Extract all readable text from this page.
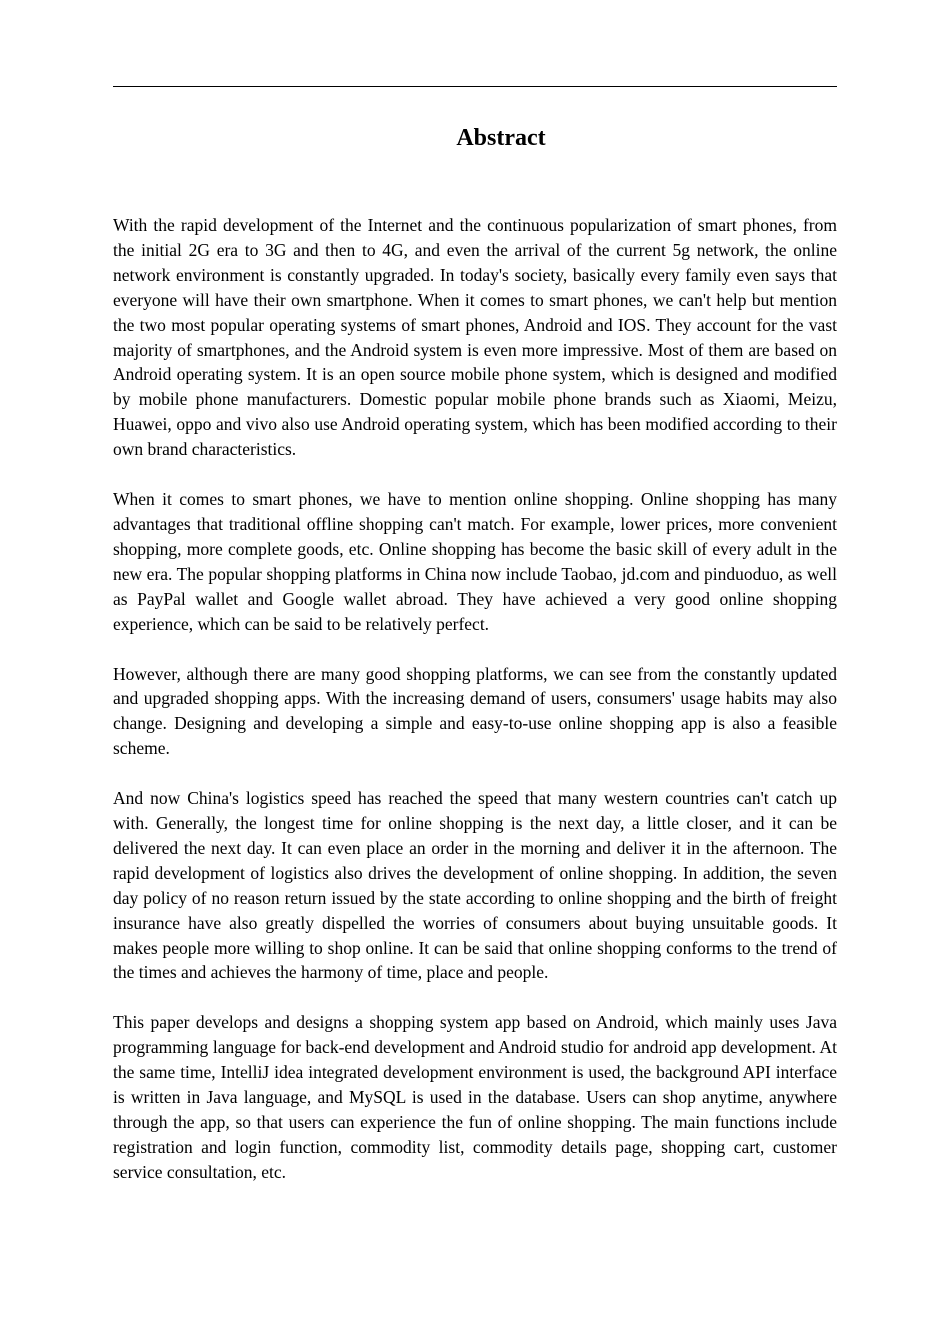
Abstract

With the rapid development of the Internet and the continuous popularization of smart phones, from the initial 2G era to 3G and then to 4G, and even the arrival of the current 5g network, the online network environment is constantly upgraded. In today's society, basically every family even says that everyone will have their own smartphone. When it comes to smart phones, we can't help but mention the two most popular operating systems of smart phones, Android and IOS. They account for the vast majority of smartphones, and the Android system is even more impressive. Most of them are based on Android operating system. It is an open source mobile phone system, which is designed and modified by mobile phone manufacturers. Domestic popular mobile phone brands such as Xiaomi, Meizu, Huawei, oppo and vivo also use Android operating system, which has been modified according to their own brand characteristics.

When it comes to smart phones, we have to mention online shopping. Online shopping has many advantages that traditional offline shopping can't match. For example, lower prices, more convenient shopping, more complete goods, etc. Online shopping has become the basic skill of every adult in the new era. The popular shopping platforms in China now include Taobao, jd.com and pinduoduo, as well as PayPal wallet and Google wallet abroad. They have achieved a very good online shopping experience, which can be said to be relatively perfect.

However, although there are many good shopping platforms, we can see from the constantly updated and upgraded shopping apps. With the increasing demand of users, consumers' usage habits may also change. Designing and developing a simple and easy-to-use online shopping app is also a feasible scheme.

And now China's logistics speed has reached the speed that many western countries can't catch up with. Generally, the longest time for online shopping is the next day, a little closer, and it can be delivered the next day. It can even place an order in the morning and deliver it in the afternoon. The rapid development of logistics also drives the development of online shopping. In addition, the seven day policy of no reason return issued by the state according to online shopping and the birth of freight insurance have also greatly dispelled the worries of consumers about buying unsuitable goods. It makes people more willing to shop online. It can be said that online shopping conforms to the trend of the times and achieves the harmony of time, place and people.

This paper develops and designs a shopping system app based on Android, which mainly uses Java programming language for back-end development and Android studio for android app development. At the same time, IntelliJ idea integrated development environment is used, the background API interface is written in Java language, and MySQL is used in the database. Users can shop anytime, anywhere through the app, so that users can experience the fun of online shopping. The main functions include registration and login function, commodity list, commodity details page, shopping cart, customer service consultation, etc.
